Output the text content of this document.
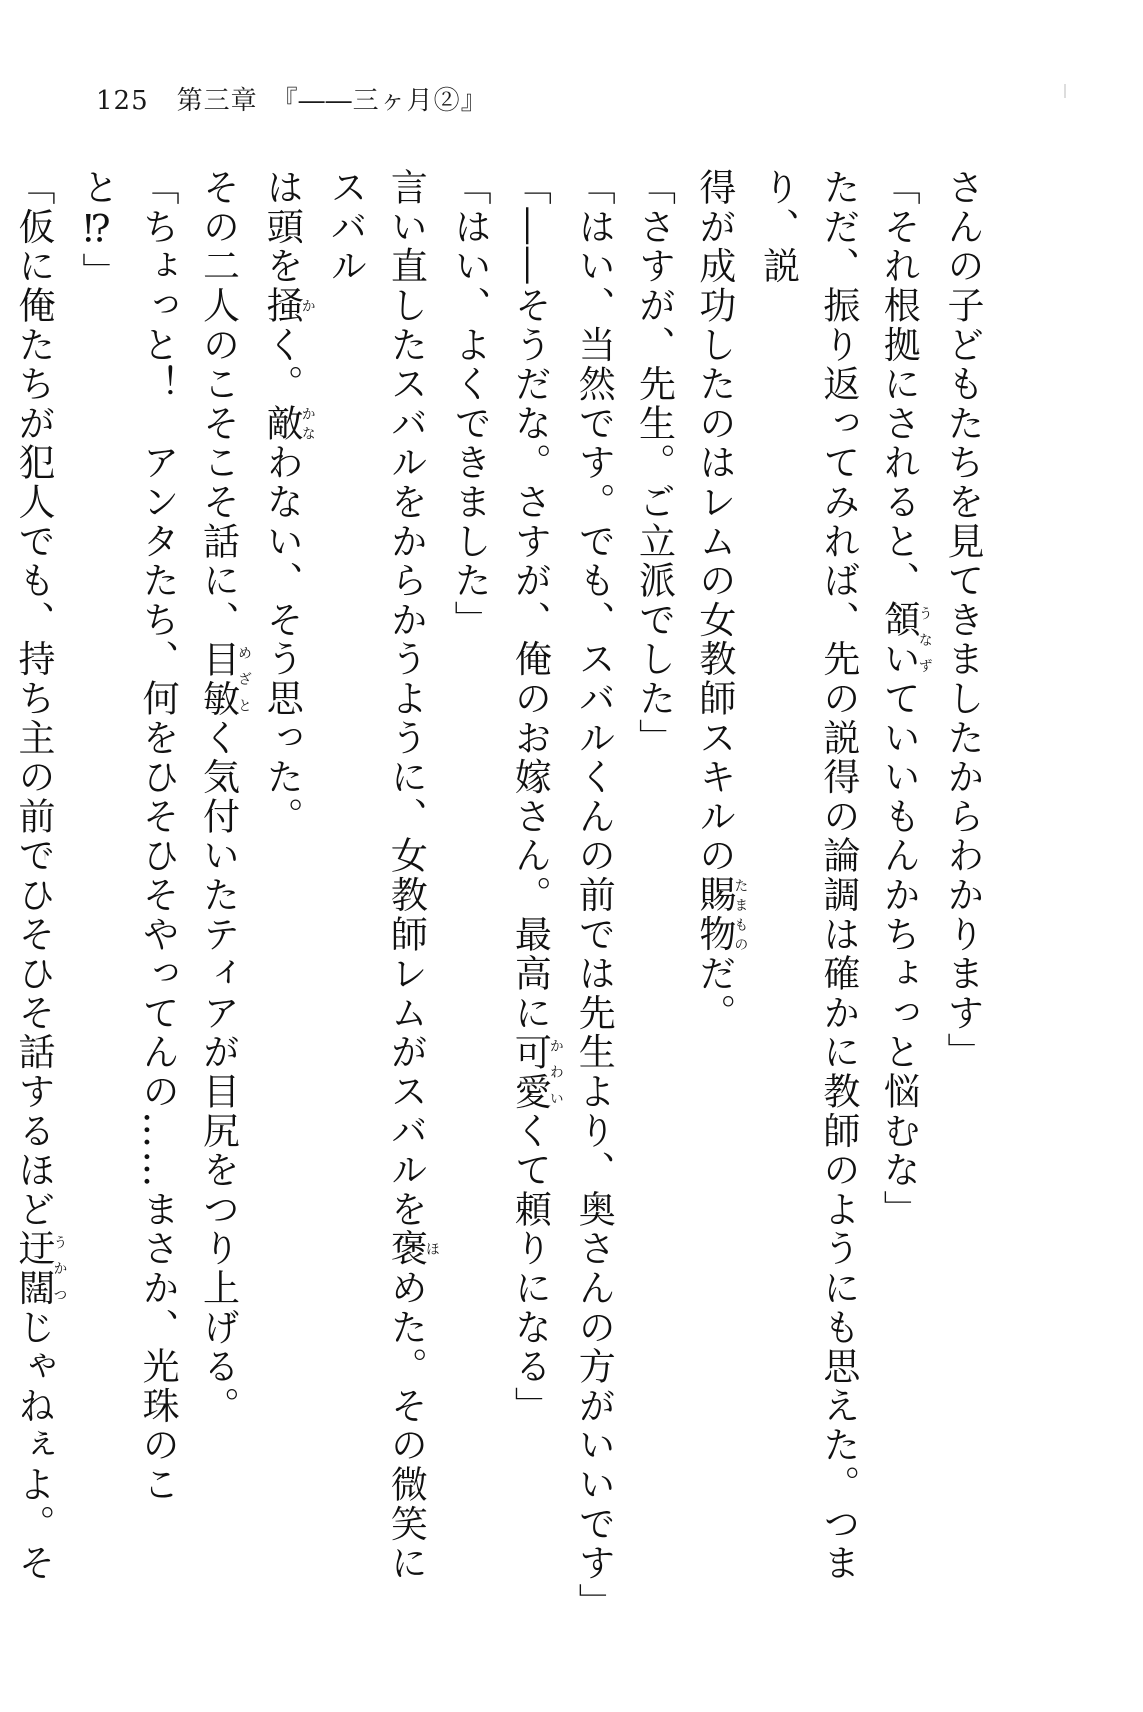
125 第三章　『――三ヶ月②』

さんの子どもたちを見てきましたからわかります」

「それ根拠にされると、頷いうなずていいもんかちょっと悩むな」

ただ、振り返ってみれば、先の説得の論調は確かに教師のようにも思えた。つまり、説

得が成功したのはレムの女教師スキルの賜物たまものだ。

「さすが、先生。ご立派でした」

「はい、当然です。でも、スバルくんの前では先生より、奥さんの方がいいです」

「――そうだな。さすが、俺のお嫁さん。最高に可愛かわいくて頼りになる」

「はい、よくできました」

言い直したスバルをからかうように、女教師レムがスバルを褒ほめた。その微笑にスバル

は頭を掻かく。敵かなわない、そう思った。

その二人のこそこそ話に、目敏めざとく気付いたティアが目尻をつり上げる。

「ちょっと！　アンタたち、何をひそひそやってんの……まさか、光珠のこと⁉」

「仮に俺たちが犯人でも、持ち主の前でひそひそ話するほど迂闊うかつじゃねぇよ。そ
